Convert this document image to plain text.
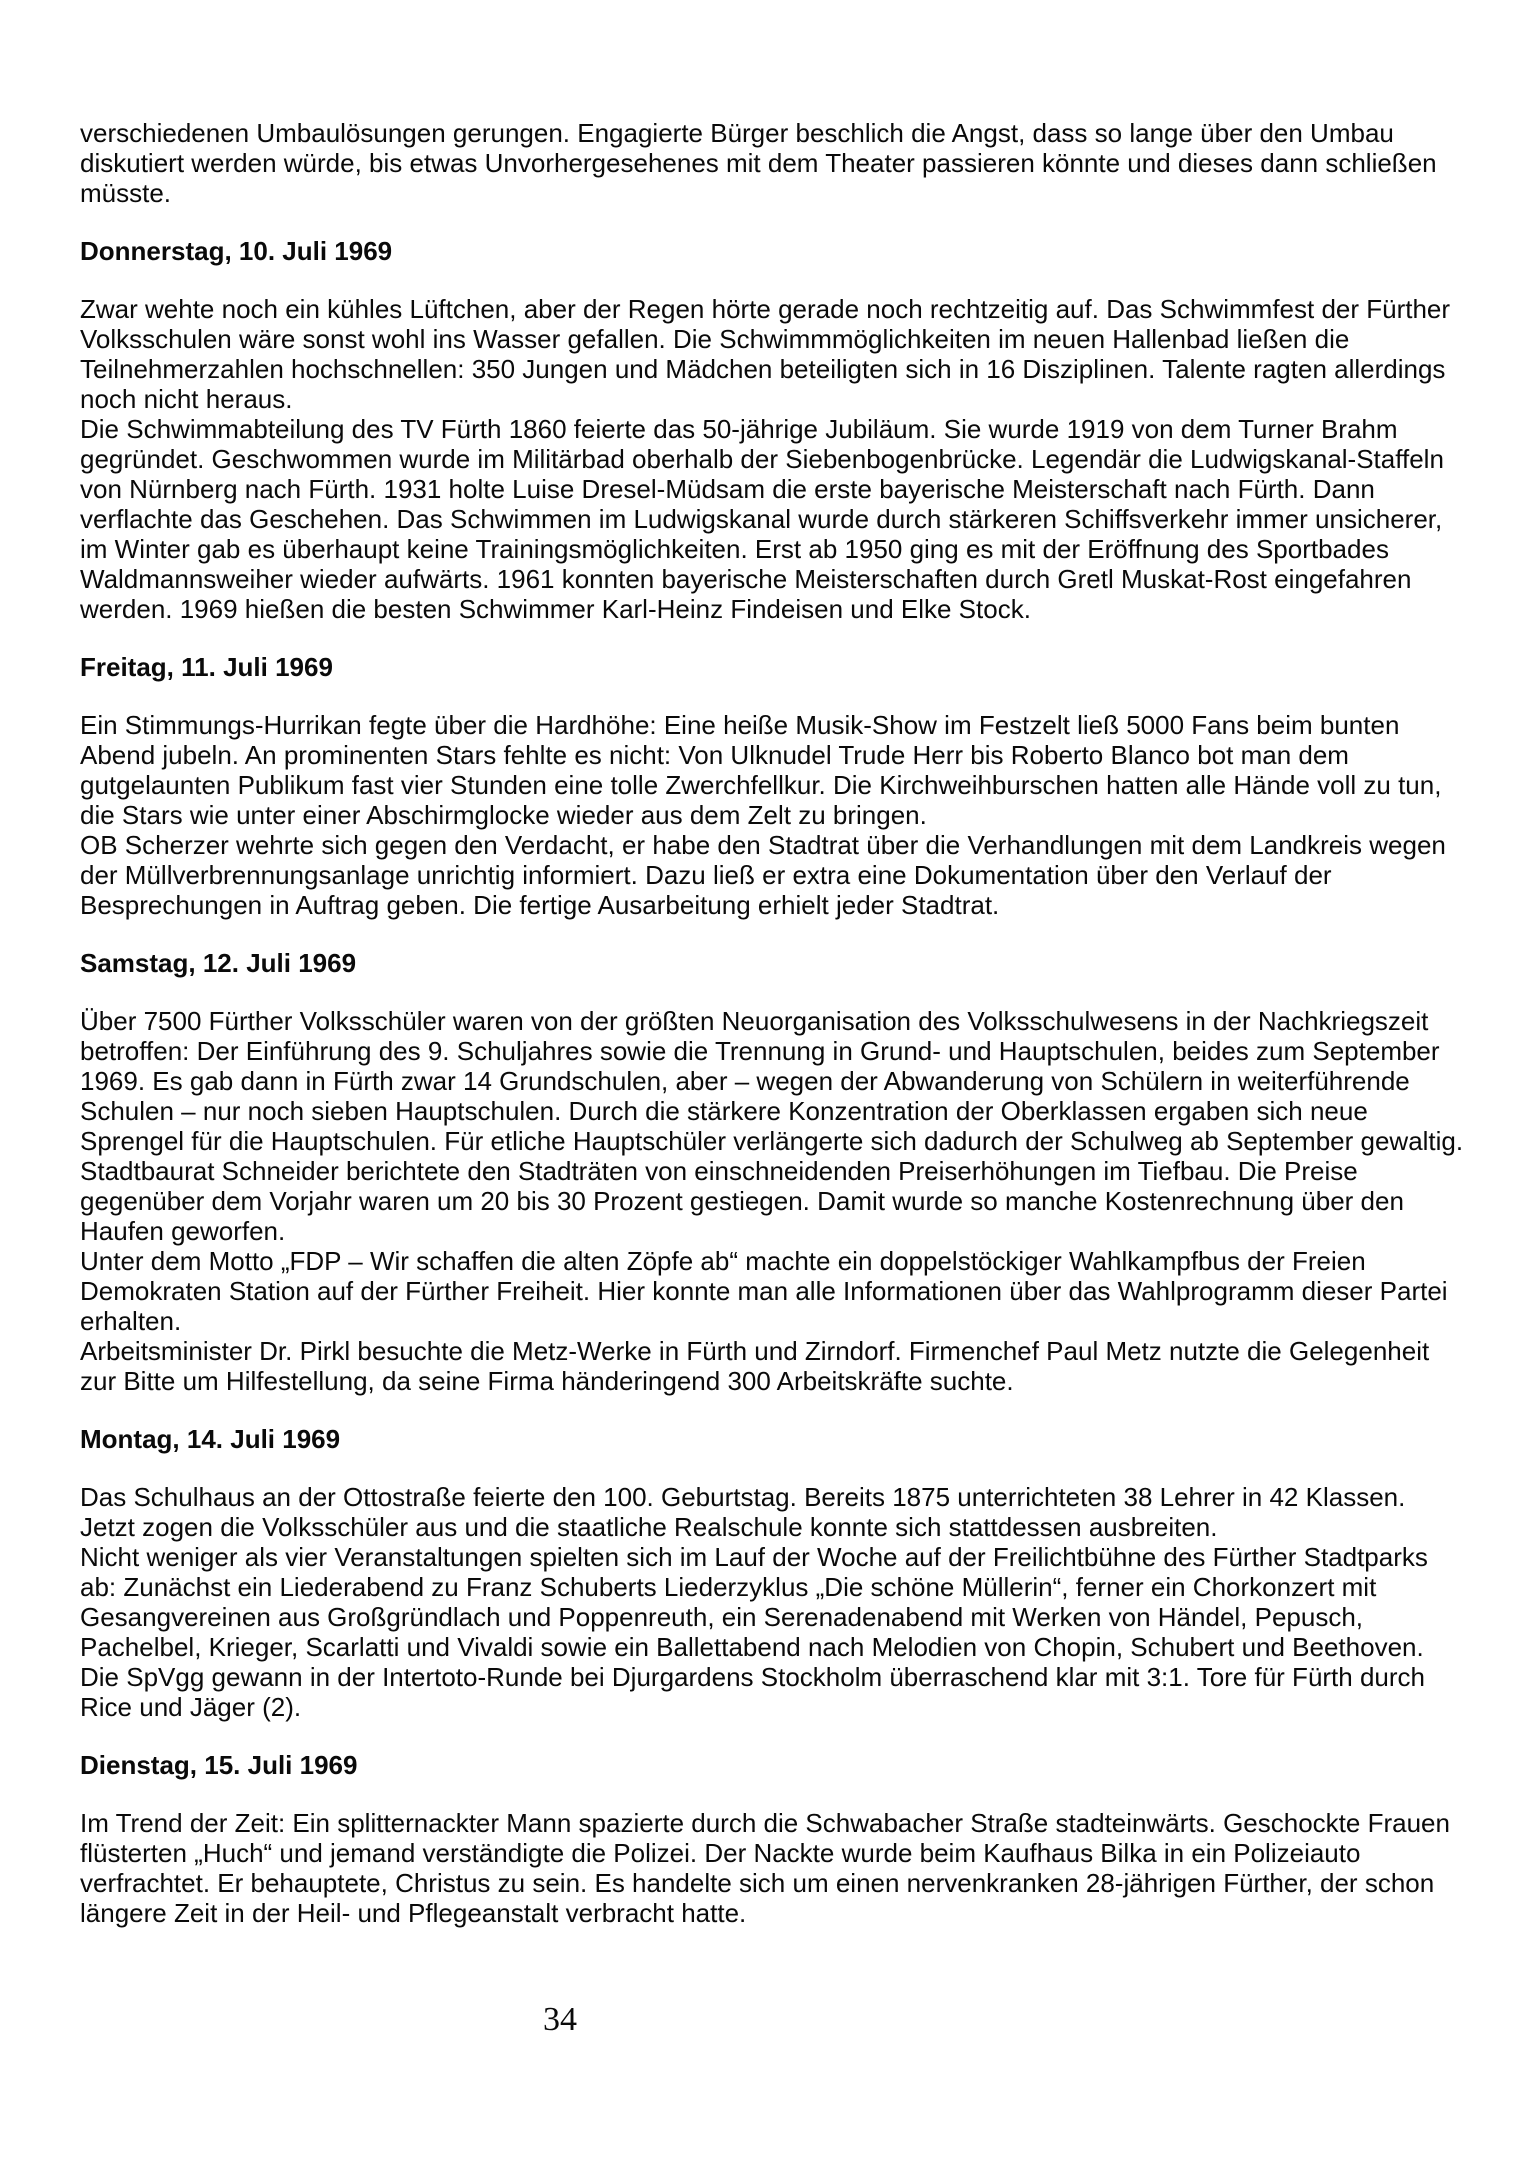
verschiedenen Umbaulösungen gerungen. Engagierte Bürger beschlich die Angst, dass so lange über den Umbau diskutiert werden würde, bis etwas Unvorhergesehenes mit dem Theater passieren könnte und dieses dann schließen müsste.

Donnerstag, 10. Juli 1969

Zwar wehte noch ein kühles Lüftchen, aber der Regen hörte gerade noch rechtzeitig auf. Das Schwimmfest der Fürther Volksschulen wäre sonst wohl ins Wasser gefallen. Die Schwimmmöglichkeiten im neuen Hallenbad ließen die Teilnehmerzahlen hochschnellen: 350 Jungen und Mädchen beteiligten sich in 16 Disziplinen. Talente ragten allerdings noch nicht heraus.

Die Schwimmabteilung des TV Fürth 1860 feierte das 50-jährige Jubiläum. Sie wurde 1919 von dem Turner Brahm gegründet. Geschwommen wurde im Militärbad oberhalb der Siebenbogenbrücke. Legendär die Ludwigskanal-Staffeln von Nürnberg nach Fürth. 1931 holte Luise Dresel-Müdsam die erste bayerische Meisterschaft nach Fürth. Dann verflachte das Geschehen. Das Schwimmen im Ludwigskanal wurde durch stärkeren Schiffsverkehr immer unsicherer, im Winter gab es überhaupt keine Trainingsmöglichkeiten. Erst ab 1950 ging es mit der Eröffnung des Sportbades Waldmannsweiher wieder aufwärts. 1961 konnten bayerische Meisterschaften durch Gretl Muskat-Rost eingefahren werden. 1969 hießen die besten Schwimmer Karl-Heinz Findeisen und Elke Stock.

Freitag, 11. Juli 1969

Ein Stimmungs-Hurrikan fegte über die Hardhöhe: Eine heiße Musik-Show im Festzelt ließ 5000 Fans beim bunten Abend jubeln. An prominenten Stars fehlte es nicht: Von Ulknudel Trude Herr bis Roberto Blanco bot man dem gutgelaunten Publikum fast vier Stunden eine tolle Zwerchfellkur. Die Kirchweihburschen hatten alle Hände voll zu tun, die Stars wie unter einer Abschirmglocke wieder aus dem Zelt zu bringen.

OB Scherzer wehrte sich gegen den Verdacht, er habe den Stadtrat über die Verhandlungen mit dem Landkreis wegen der Müllverbrennungsanlage unrichtig informiert. Dazu ließ er extra eine Dokumentation über den Verlauf der Besprechungen in Auftrag geben. Die fertige Ausarbeitung erhielt jeder Stadtrat.

Samstag, 12. Juli 1969

Über 7500 Fürther Volksschüler waren von der größten Neuorganisation des Volksschulwesens in der Nachkriegszeit betroffen: Der Einführung des 9. Schuljahres sowie die Trennung in Grund- und Hauptschulen, beides zum September 1969. Es gab dann in Fürth zwar 14 Grundschulen, aber – wegen der Abwanderung von Schülern in weiterführende Schulen – nur noch sieben Hauptschulen. Durch die stärkere Konzentration der Oberklassen ergaben sich neue Sprengel für die Hauptschulen. Für etliche Hauptschüler verlängerte sich dadurch der Schulweg ab September gewaltig.

Stadtbaurat Schneider berichtete den Stadträten von einschneidenden Preiserhöhungen im Tiefbau. Die Preise gegenüber dem Vorjahr waren um 20 bis 30 Prozent gestiegen. Damit wurde so manche Kostenrechnung über den Haufen geworfen.

Unter dem Motto „FDP – Wir schaffen die alten Zöpfe ab“ machte ein doppelstöckiger Wahlkampfbus der Freien Demokraten Station auf der Fürther Freiheit. Hier konnte man alle Informationen über das Wahlprogramm dieser Partei erhalten.

Arbeitsminister Dr. Pirkl besuchte die Metz-Werke in Fürth und Zirndorf. Firmenchef Paul Metz nutzte die Gelegenheit zur Bitte um Hilfestellung, da seine Firma händeringend 300 Arbeitskräfte suchte.

Montag, 14. Juli 1969

Das Schulhaus an der Ottostraße feierte den 100. Geburtstag. Bereits 1875 unterrichteten 38 Lehrer in 42 Klassen. Jetzt zogen die Volksschüler aus und die staatliche Realschule konnte sich stattdessen ausbreiten.

Nicht weniger als vier Veranstaltungen spielten sich im Lauf der Woche auf der Freilichtbühne des Fürther Stadtparks ab: Zunächst ein Liederabend zu Franz Schuberts Liederzyklus „Die schöne Müllerin“, ferner ein Chorkonzert mit Gesangvereinen aus Großgründlach und Poppenreuth, ein Serenadenabend mit Werken von Händel, Pepusch, Pachelbel, Krieger, Scarlatti und Vivaldi sowie ein Ballettabend nach Melodien von Chopin, Schubert und Beethoven.

Die SpVgg gewann in der Intertoto-Runde bei Djurgardens Stockholm überraschend klar mit 3:1. Tore für Fürth durch Rice und Jäger (2).

Dienstag, 15. Juli 1969

Im Trend der Zeit: Ein splitternackter Mann spazierte durch die Schwabacher Straße stadteinwärts. Geschockte Frauen flüsterten „Huch“ und jemand verständigte die Polizei. Der Nackte wurde beim Kaufhaus Bilka in ein Polizeiauto verfrachtet. Er behauptete, Christus zu sein. Es handelte sich um einen nervenkranken 28-jährigen Fürther, der schon längere Zeit in der Heil- und Pflegeanstalt verbracht hatte.

34
